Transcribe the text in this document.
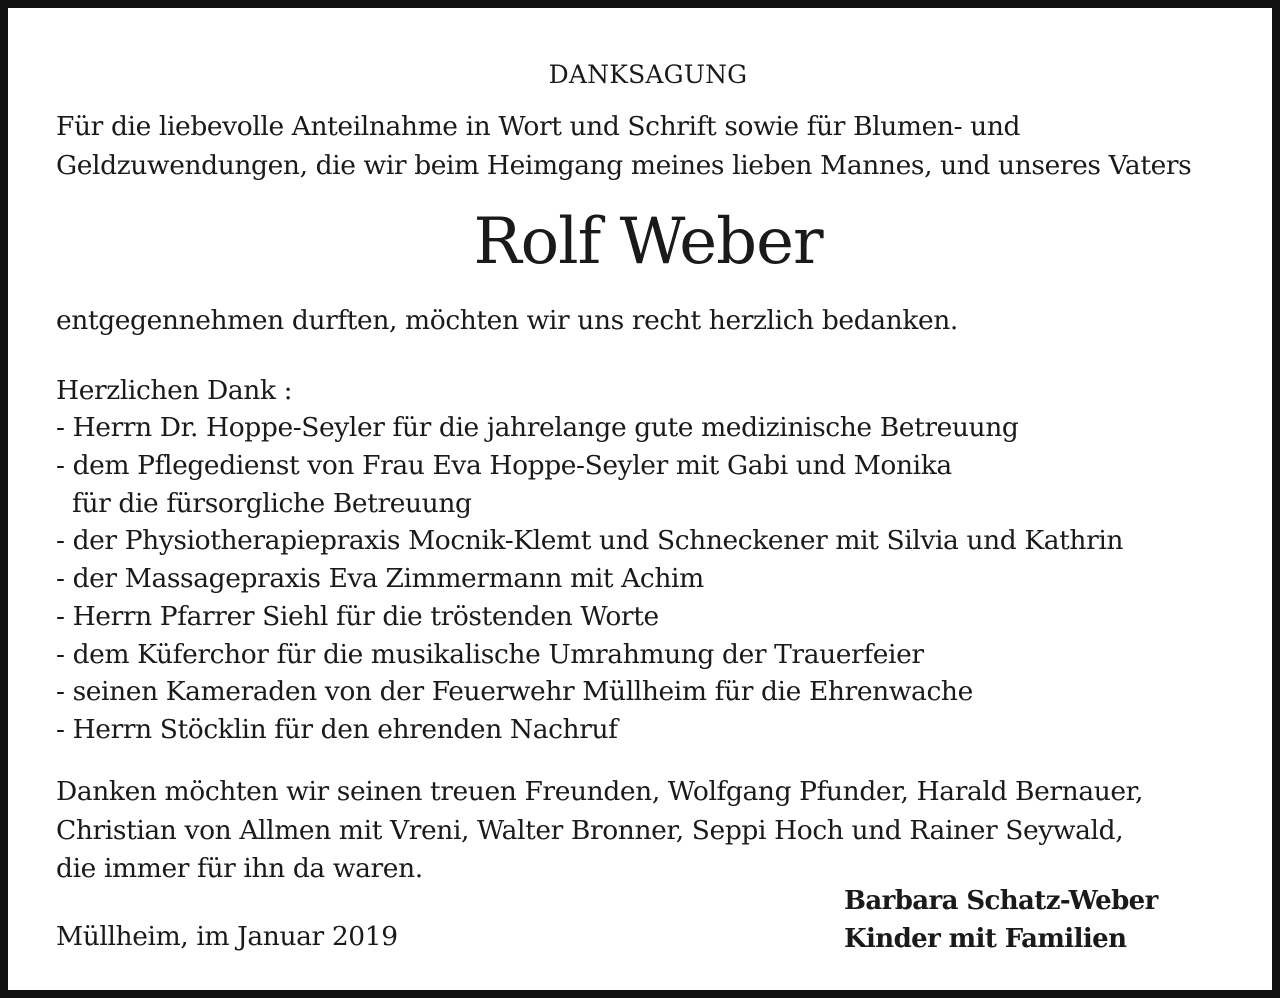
DANKSAGUNG
Für die liebevolle Anteilnahme in Wort und Schrift sowie für Blumen- und
Geldzuwendungen, die wir beim Heimgang meines lieben Mannes, und unseres Vaters
Rolf Weber
entgegennehmen durften, möchten wir uns recht herzlich bedanken.
Herzlichen Dank :
- Herrn Dr. Hoppe-Seyler für die jahrelange gute medizinische Betreuung
- dem Pflegedienst von Frau Eva Hoppe-Seyler mit Gabi und Monika
für die fürsorgliche Betreuung
- der Physiotherapiepraxis Mocnik-Klemt und Schneckener mit Silvia und Kathrin
- der Massagepraxis Eva Zimmermann mit Achim
- Herrn Pfarrer Siehl für die tröstenden Worte
- dem Küferchor für die musikalische Umrahmung der Trauerfeier
- seinen Kameraden von der Feuerwehr Müllheim für die Ehrenwache
- Herrn Stöcklin für den ehrenden Nachruf
Danken möchten wir seinen treuen Freunden, Wolfgang Pfunder, Harald Bernauer,
Christian von Allmen mit Vreni, Walter Bronner, Seppi Hoch und Rainer Seywald,
die immer für ihn da waren.
Müllheim, im Januar 2019
Barbara Schatz-Weber
Kinder mit Familien
